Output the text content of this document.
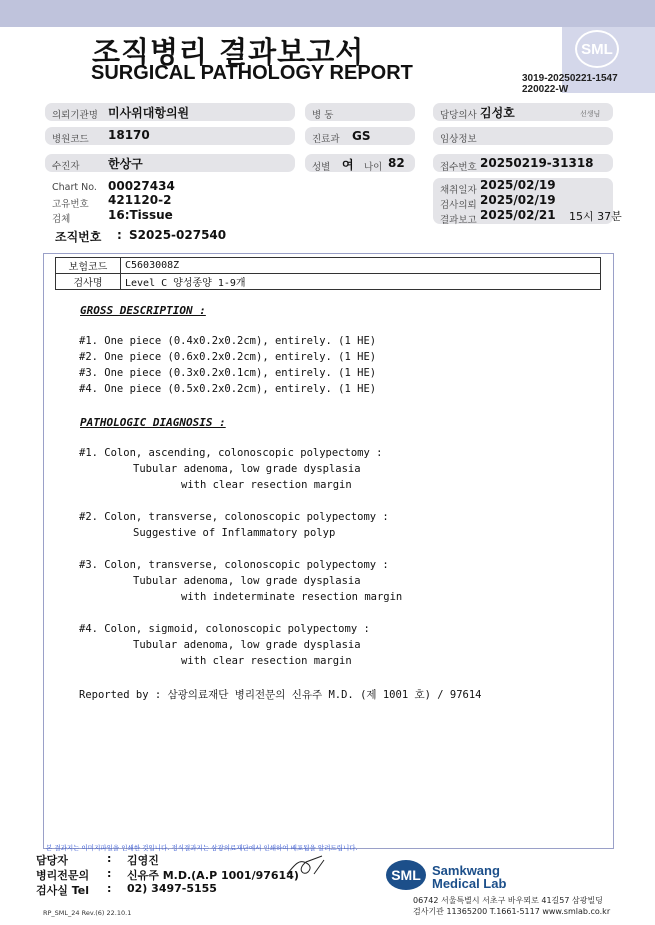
조직병리 결과보고서
SURGICAL PATHOLOGY REPORT
SML
3019-20250221-1547
220022-W
의뢰기관명 미사위대항의원
병원코드 18170
수진자 한상구
Chart No. 00027434
고유번호 421120-2
검체	16:Tissue
조직번호 : S2025-027540
병 동
진료과 GS
성별 여 나이 82
담당의사 김성호	선생님
임상정보
접수번호 20250219-31318
채취일자 2025/02/19
검사의뢰 2025/02/19
결과보고 2025/02/21 15시 37분
보험코드	C5603008Z
검사명	Level C 양성종양 1-9개
GROSS DESCRIPTION :
#1. One piece (0.4x0.2x0.2cm), entirely. (1 HE)
#2. One piece (0.6x0.2x0.2cm), entirely. (1 HE)
#3. One piece (0.3x0.2x0.1cm), entirely. (1 HE)
#4. One piece (0.5x0.2x0.2cm), entirely. (1 HE)
PATHOLOGIC DIAGNOSIS :
#1. Colon, ascending, colonoscopic polypectomy :
Tubular adenoma, low grade dysplasia
with clear resection margin
#2. Colon, transverse, colonoscopic polypectomy :
Suggestive of Inflammatory polyp
#3. Colon, transverse, colonoscopic polypectomy :
Tubular adenoma, low grade dysplasia
with indeterminate resection margin
#4. Colon, sigmoid, colonoscopic polypectomy :
Tubular adenoma, low grade dysplasia
with clear resection margin
Reported by : 삼광의료재단 병리전문의 신유주 M.D. (제 1001 호) / 97614
본 결과지는 이미지파일을 인쇄한 것입니다. 정식결과지는 삼광의료재단에서 인쇄하여 배포됨을 알려드립니다.
담당자	: 김영진
병리전문의 : 신유주 M.D.(A.P 1001/97614)
검사실 Tel : 02) 3497-5155
RP_SML_24 Rev.(6) 22.10.1
SML Samkwang
Medical Lab
06742 서울특별시 서초구 바우뫼로 41길57 삼광빌딩
검사기관 11365200 T.1661-5117 www.smlab.co.kr
